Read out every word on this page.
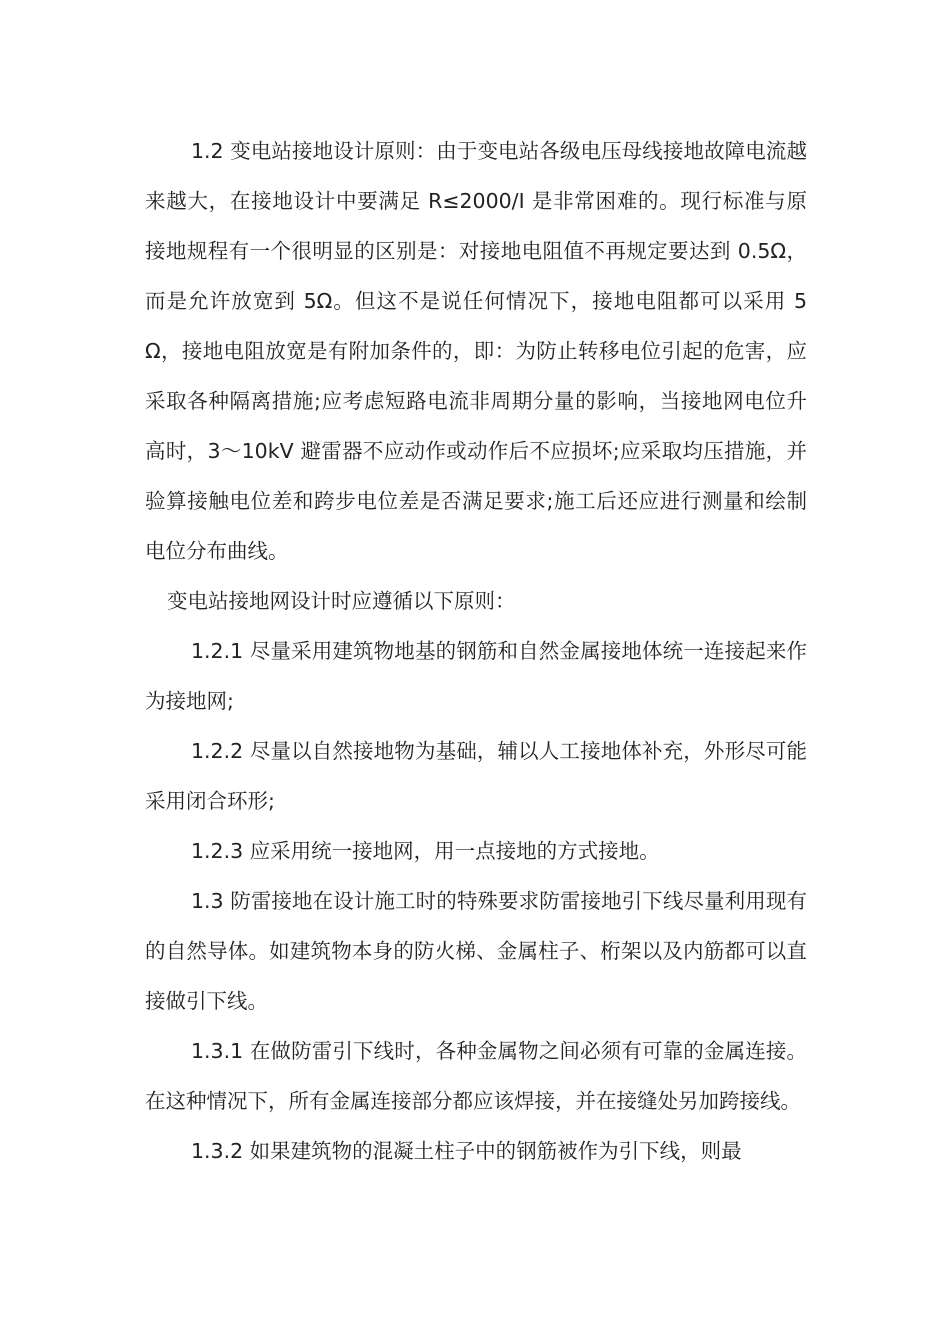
1.2 变电站接地设计原则：由于变电站各级电压母线接地故障电流越来越大，在接地设计中要满足 R≤2000/I 是非常困难的。现行标准与原接地规程有一个很明显的区别是：对接地电阻值不再规定要达到 0.5Ω，而是允许放宽到 5Ω。但这不是说任何情况下，接地电阻都可以采用 5Ω，接地电阻放宽是有附加条件的，即：为防止转移电位引起的危害，应采取各种隔离措施;应考虑短路电流非周期分量的影响，当接地网电位升高时，3～10kV 避雷器不应动作或动作后不应损坏;应采取均压措施，并验算接触电位差和跨步电位差是否满足要求;施工后还应进行测量和绘制电位分布曲线。

变电站接地网设计时应遵循以下原则：

1.2.1 尽量采用建筑物地基的钢筋和自然金属接地体统一连接起来作为接地网;

1.2.2 尽量以自然接地物为基础，辅以人工接地体补充，外形尽可能采用闭合环形;

1.2.3 应采用统一接地网，用一点接地的方式接地。

1.3 防雷接地在设计施工时的特殊要求防雷接地引下线尽量利用现有的自然导体。如建筑物本身的防火梯、金属柱子、桁架以及内筋都可以直接做引下线。

1.3.1 在做防雷引下线时，各种金属物之间必须有可靠的金属连接。在这种情况下，所有金属连接部分都应该焊接，并在接缝处另加跨接线。

1.3.2 如果建筑物的混凝土柱子中的钢筋被作为引下线，则最
